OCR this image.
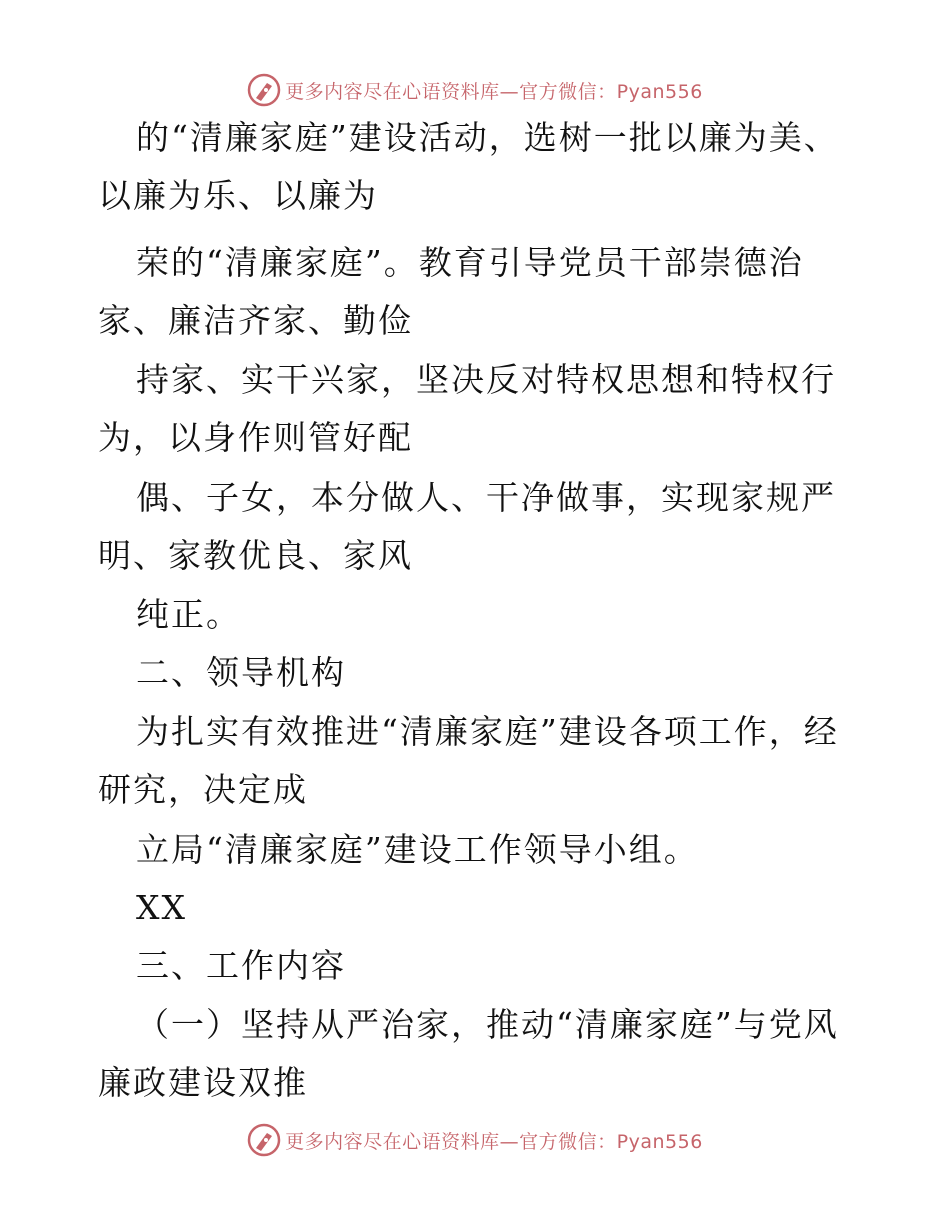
更多内容尽在心语资料库—官方微信：Pyan556
的“清廉家庭”建设活动，选树一批以廉为美、
以廉为乐、以廉为
荣的“清廉家庭”。教育引导党员干部崇德治
家、廉洁齐家、勤俭
持家、实干兴家，坚决反对特权思想和特权行
为，以身作则管好配
偶、子女，本分做人、干净做事，实现家规严
明、家教优良、家风
纯正。
二、领导机构
为扎实有效推进“清廉家庭”建设各项工作，经
研究，决定成
立局“清廉家庭”建设工作领导小组。
XX
三、工作内容
（一）坚持从严治家，推动“清廉家庭”与党风
廉政建设双推
更多内容尽在心语资料库—官方微信：Pyan556
